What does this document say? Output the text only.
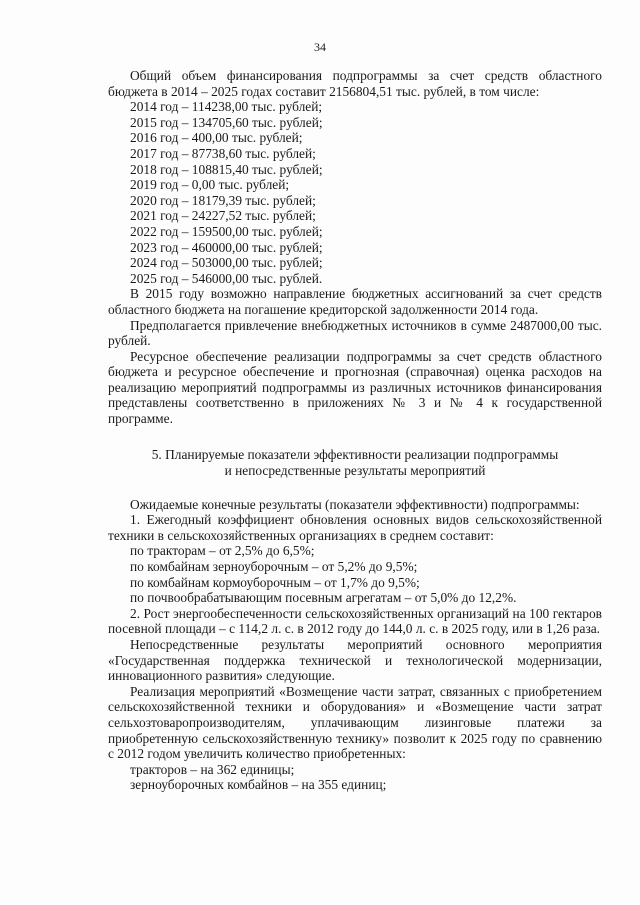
34

Общий объем финансирования подпрограммы за счет средств областного бюджета в 2014 – 2025 годах составит 2156804,51 тыс. рублей, в том числе:

2014 год – 114238,00 тыс. рублей;
2015 год – 134705,60 тыс. рублей;
2016 год – 400,00 тыс. рублей;
2017 год – 87738,60 тыс. рублей;
2018 год – 108815,40 тыс. рублей;
2019 год – 0,00 тыс. рублей;
2020 год – 18179,39 тыс. рублей;
2021 год – 24227,52 тыс. рублей;
2022 год – 159500,00 тыс. рублей;
2023 год – 460000,00 тыс. рублей;
2024 год – 503000,00 тыс. рублей;
2025 год – 546000,00 тыс. рублей.

В 2015 году возможно направление бюджетных ассигнований за счет средств областного бюджета на погашение кредиторской задолженности 2014 года.

Предполагается привлечение внебюджетных источников в сумме 2487000,00 тыс. рублей.

Ресурсное обеспечение реализации подпрограммы за счет средств областного бюджета и ресурсное обеспечение и прогнозная (справочная) оценка расходов на реализацию мероприятий подпрограммы из различных источников финансирования представлены соответственно в приложениях № 3 и № 4 к государственной программе.

5. Планируемые показатели эффективности реализации подпрограммы
и непосредственные результаты мероприятий

Ожидаемые конечные результаты (показатели эффективности) подпрограммы:

1. Ежегодный коэффициент обновления основных видов сельскохозяйственной техники в сельскохозяйственных организациях в среднем составит:

по тракторам – от 2,5% до 6,5%;
по комбайнам зерноуборочным – от 5,2% до 9,5%;
по комбайнам кормоуборочным – от 1,7% до 9,5%;
по почвообрабатывающим посевным агрегатам – от 5,0% до 12,2%.

2. Рост энергообеспеченности сельскохозяйственных организаций на 100 гектаров посевной площади – с 114,2 л. с. в 2012 году до 144,0 л. с. в 2025 году, или в 1,26 раза.

Непосредственные результаты мероприятий основного мероприятия «Государственная поддержка технической и технологической модернизации, инновационного развития» следующие.

Реализация мероприятий «Возмещение части затрат, связанных с приобретением сельскохозяйственной техники и оборудования» и «Возмещение части затрат сельхозтоваропроизводителям, уплачивающим лизинговые платежи за приобретенную сельскохозяйственную технику» позволит к 2025 году по сравнению с 2012 годом увеличить количество приобретенных:

тракторов – на 362 единицы;
зерноуборочных комбайнов – на 355 единиц;
